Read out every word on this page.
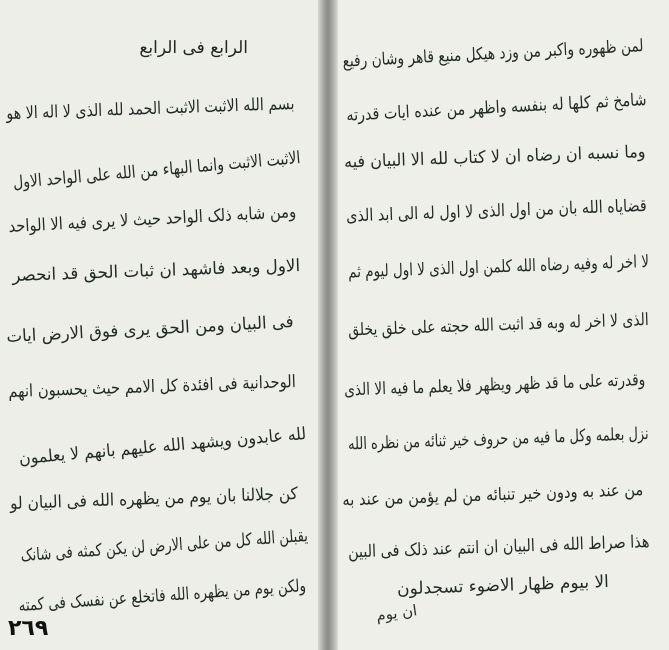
الرابع فی الرابع
بسم الله الاثبت الاثبت الحمد لله الذی لا اله الا هو
الاثبت الاثبت وانما البهاء من الله علی الواحد الاول
ومن شابه ذلک الواحد حیث لا یری فیه الا الواحد
الاول وبعد فاشهد ان ثبات الحق قد انحصر
فی البیان ومن الحق یری فوق الارض ایات
الوحدانیة فی افئدة کل الامم حیث یحسبون انهم
لله عابدون ویشهد الله علیهم بانهم لا یعلمون
کن جلالنا بان یوم من یظهره الله فی البیان لو
یقبلن الله کل من علی الارض لن یکن کمثه فی شانک
ولکن یوم من یظهره الله فاتخلع عن نفسک فی کمته
٢٦٩
لمن ظهوره واکبر من وزد هیکل منیع قاهر وشان رفیع
شامخ ثم کلها له بنفسه واظهر من عنده ایات قدرته
وما نسبه ان رضاه ان لا کتاب لله الا البیان فیه
قضایاه الله بان من اول الذی لا اول له الی ابد الذی
لا اخر له وفیه رضاه الله کلمن اول الذی لا اول لیوم ثم
الذی لا اخر له وبه قد اثبت الله حجته علی خلق یخلق
وقدرته علی ما قد ظهر ویظهر فلا یعلم ما فیه الا الذی
نزل بعلمه وکل ما فیه من حروف خیر ثنائه من نظره الله
من عند به ودون خیر تنبائه من لم یؤمن من عند به
هذا صراط الله فی البیان ان انتم عند ذلک فی البین
الا بیوم ظهار الاضوء تسجدلون
ان یوم
